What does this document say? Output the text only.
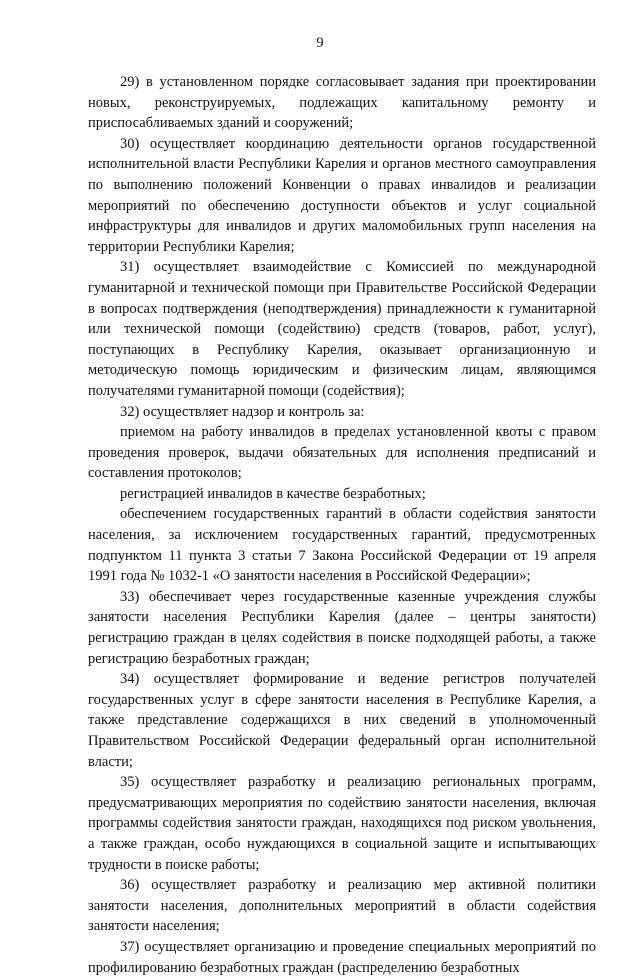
9

29) в установленном порядке согласовывает задания при проектировании новых, реконструируемых, подлежащих капитальному ремонту и приспосабливаемых зданий и сооружений;

30) осуществляет координацию деятельности органов государственной исполнительной власти Республики Карелия и органов местного самоуправления по выполнению положений Конвенции о правах инвалидов и реализации мероприятий по обеспечению доступности объектов и услуг социальной инфраструктуры для инвалидов и других маломобильных групп населения на территории Республики Карелия;

31) осуществляет взаимодействие с Комиссией по международной гуманитарной и технической помощи при Правительстве Российской Федерации в вопросах подтверждения (неподтверждения) принадлежности к гуманитарной или технической помощи (содействию) средств (товаров, работ, услуг), поступающих в Республику Карелия, оказывает организационную и методическую помощь юридическим и физическим лицам, являющимся получателями гуманитарной помощи (содействия);

32) осуществляет надзор и контроль за:

приемом на работу инвалидов в пределах установленной квоты с правом проведения проверок, выдачи обязательных для исполнения предписаний и составления протоколов;

регистрацией инвалидов в качестве безработных;

обеспечением государственных гарантий в области содействия занятости населения, за исключением государственных гарантий, предусмотренных подпунктом 11 пункта 3 статьи 7 Закона Российской Федерации от 19 апреля 1991 года № 1032-1 «О занятости населения в Российской Федерации»;

33) обеспечивает через государственные казенные учреждения службы занятости населения Республики Карелия (далее – центры занятости) регистрацию граждан в целях содействия в поиске подходящей работы, а также регистрацию безработных граждан;

34) осуществляет формирование и ведение регистров получателей государственных услуг в сфере занятости населения в Республике Карелия, а также представление содержащихся в них сведений в уполномоченный Правительством Российской Федерации федеральный орган исполнительной власти;

35) осуществляет разработку и реализацию региональных программ, предусматривающих мероприятия по содействию занятости населения, включая программы содействия занятости граждан, находящихся под риском увольнения, а также граждан, особо нуждающихся в социальной защите и испытывающих трудности в поиске работы;

36) осуществляет разработку и реализацию мер активной политики занятости населения, дополнительных мероприятий в области содействия занятости населения;

37) осуществляет организацию и проведение специальных мероприятий по профилированию безработных граждан (распределению безработных
